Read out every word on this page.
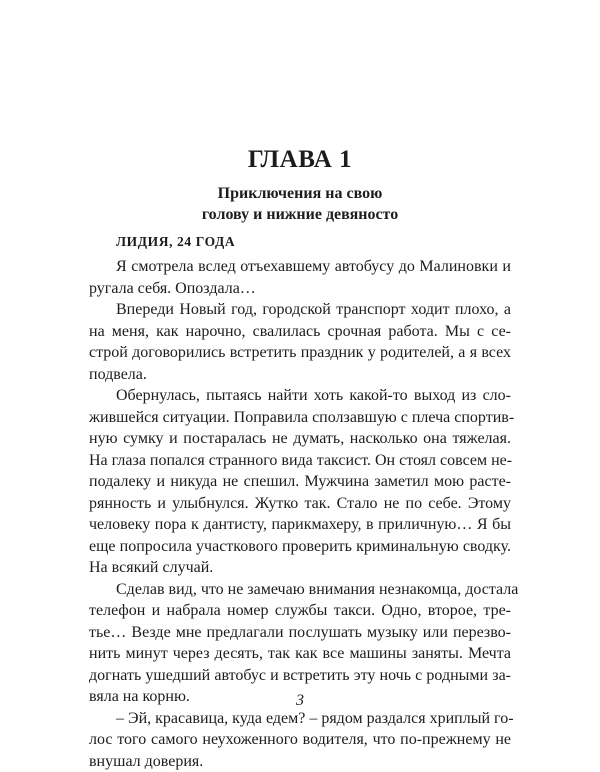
ГЛАВА 1
Приключения на свою
голову и нижние девяносто
ЛИДИЯ, 24 ГОДА

Я смотрела вслед отъехавшему автобусу до Малиновки и
ругала себя. Опоздала…

Впереди Новый год, городской транспорт ходит плохо, а
на меня, как нарочно, свалилась срочная работа. Мы с се-
строй договорились встретить праздник у родителей, а я всех
подвела.

Обернулась, пытаясь найти хоть какой-то выход из сло-
жившейся ситуации. Поправила сползавшую с плеча спортив-
ную сумку и постаралась не думать, насколько она тяжелая.
На глаза попался странного вида таксист. Он стоял совсем не-
подалеку и никуда не спешил. Мужчина заметил мою расте-
рянность и улыбнулся. Жутко так. Стало не по себе. Этому
человеку пора к дантисту, парикмахеру, в приличную… Я бы
еще попросила участкового проверить криминальную сводку.
На всякий случай.

Сделав вид, что не замечаю внимания незнакомца, достала
телефон и набрала номер службы такси. Одно, второе, тре-
тье… Везде мне предлагали послушать музыку или перезво-
нить минут через десять, так как все машины заняты. Мечта
догнать ушедший автобус и встретить эту ночь с родными за-
вяла на корню.

– Эй, красавица, куда едем? – рядом раздался хриплый го-
лос того самого неухоженного водителя, что по-прежнему не
внушал доверия.

3
